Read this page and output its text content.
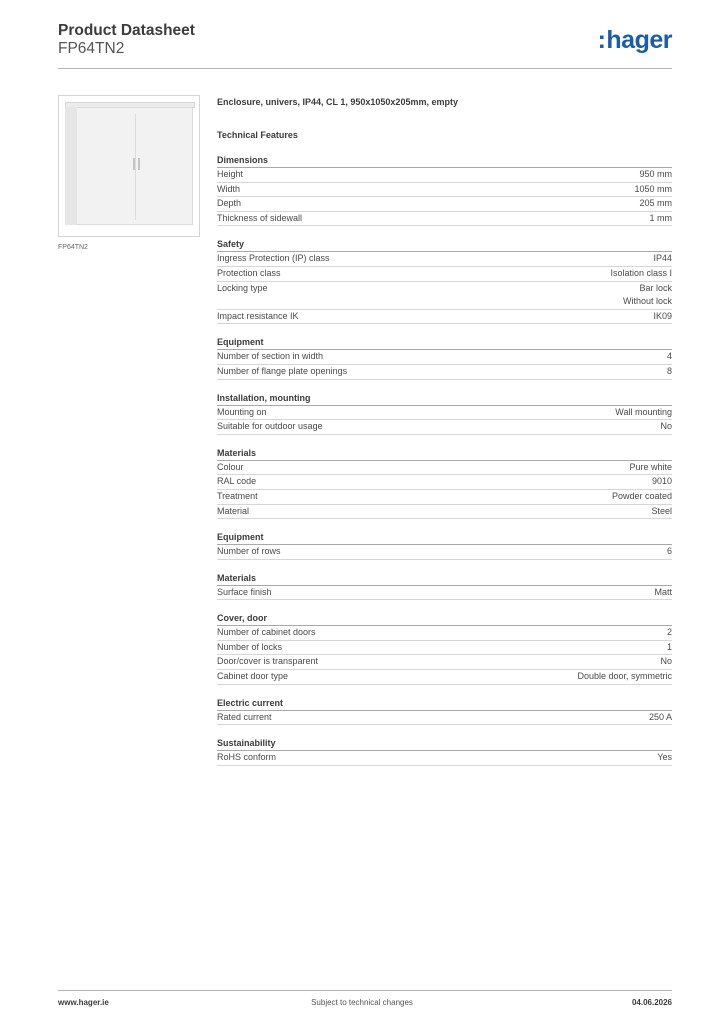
Product Datasheet
FP64TN2	:hager
FP64TN2
Enclosure, univers, IP44, CL 1, 950x1050x205mm, empty
Technical Features
Dimensions
Height	950 mm
Width	1050 mm
Depth	205 mm
Thickness of sidewall	1 mm
Safety
Ingress Protection (IP) class	IP44
Protection class	Isolation class I
Locking type	Bar lock
Without lock
Impact resistance IK	IK09
Equipment
Number of section in width	4
Number of flange plate openings	8
Installation, mounting
Mounting on	Wall mounting
Suitable for outdoor usage	No
Materials
Colour	Pure white
RAL code	9010
Treatment	Powder coated
Material	Steel
Equipment
Number of rows	6
Materials
Surface finish	Matt
Cover, door
Number of cabinet doors	2
Number of locks	1
Door/cover is transparent	No
Cabinet door type	Double door, symmetric
Electric current
Rated current	250 A
Sustainability
RoHS conform	Yes
www.hager.ie	Subject to technical changes	04.06.2026
